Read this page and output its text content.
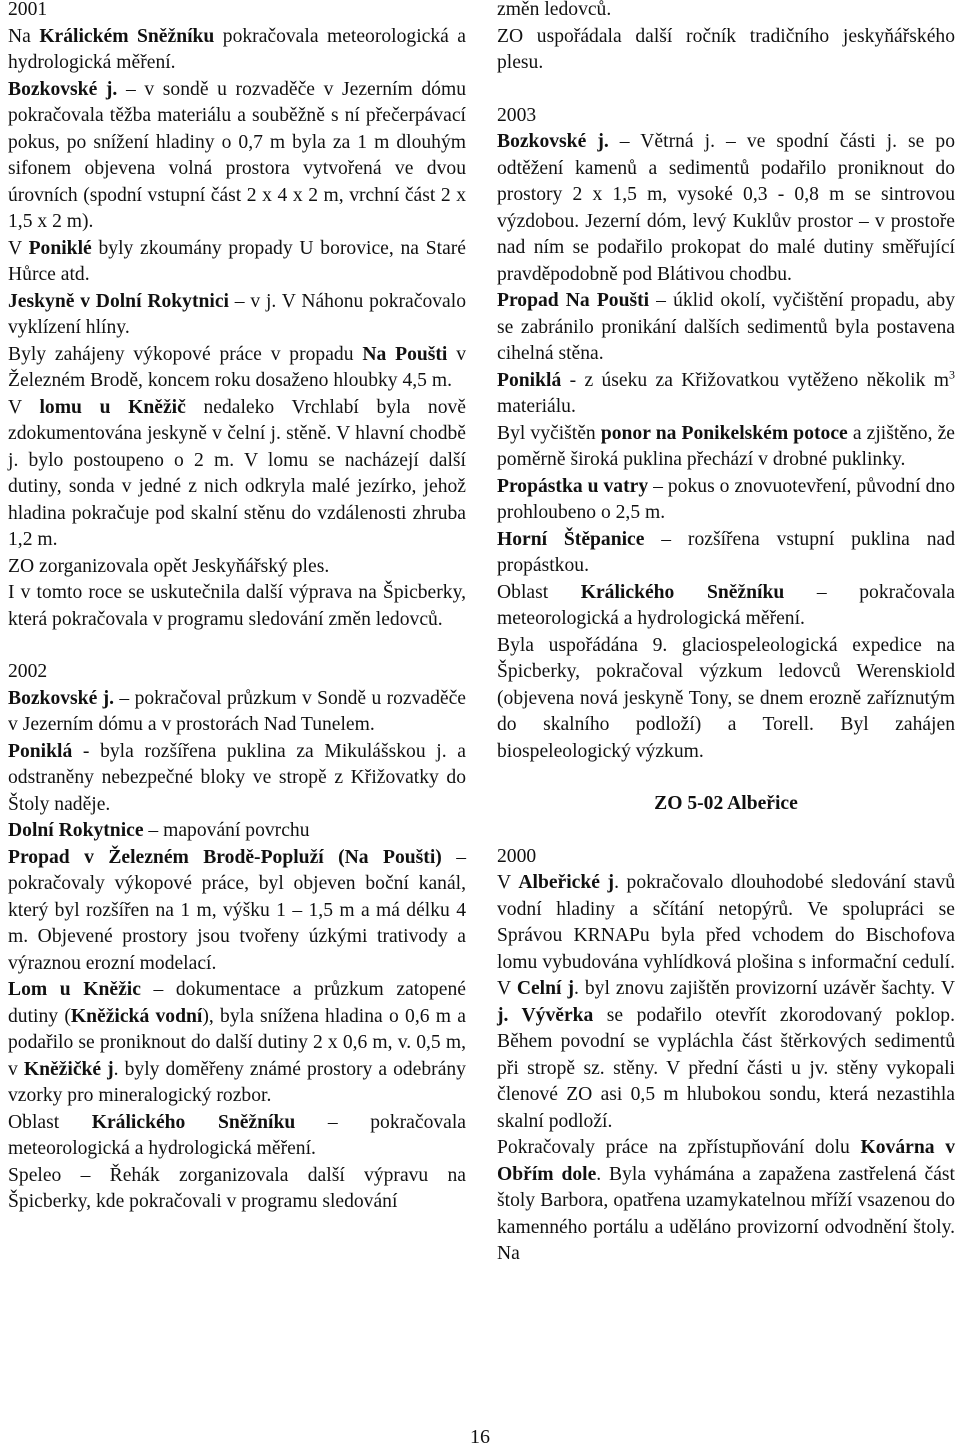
2001

Na Králickém Sněžníku pokračovala meteorologická a hydrologická měření.

Bozkovské j. – v sondě u rozvaděče v Jezerním dómu pokračovala těžba materiálu a souběžně s ní přečerpávací pokus, po snížení hladiny o 0,7 m byla za 1 m dlouhým sifonem objevena volná prostora vytvořená ve dvou úrovních (spodní vstupní část 2 x 4 x 2 m, vrchní část 2 x 1,5 x 2 m).

V Poniklé byly zkoumány propady U borovice, na Staré Hůrce atd.

Jeskyně v Dolní Rokytnici – v j. V Náhonu pokračovalo vyklízení hlíny.

Byly zahájeny výkopové práce v propadu Na Poušti v Železném Brodě, koncem roku dosaženo hloubky 4,5 m.

V lomu u Kněžič nedaleko Vrchlabí byla nově zdokumentována jeskyně v čelní j. stěně. V hlavní chodbě j. bylo postoupeno o 2 m. V lomu se nacházejí další dutiny, sonda v jedné z nich odkryla malé jezírko, jehož hladina pokračuje pod skalní stěnu do vzdálenosti zhruba 1,2 m.

ZO zorganizovala opět Jeskyňářský ples.

I v tomto roce se uskutečnila další výprava na Špicberky, která pokračovala v programu sledování změn ledovců.

2002

Bozkovské j. – pokračoval průzkum v Sondě u rozvaděče v Jezerním dómu a v prostorách Nad Tunelem.

Poniklá - byla rozšířena puklina za Mikulášskou j. a odstraněny nebezpečné bloky ve stropě z Křižovatky do Štoly naděje.

Dolní Rokytnice – mapování povrchu

Propad v Železném Brodě-Popluží (Na Poušti) – pokračovaly výkopové práce, byl objeven boční kanál, který byl rozšířen na 1 m, výšku 1 – 1,5 m a má délku 4 m. Objevené prostory jsou tvořeny úzkými trativody a výraznou erozní modelací.

Lom u Kněžic – dokumentace a průzkum zatopené dutiny (Kněžická vodní), byla snížena hladina o 0,6 m a podařilo se proniknout do další dutiny 2 x 0,6 m, v. 0,5 m, v Kněžičké j. byly doměřeny známé prostory a odebrány vzorky pro mineralogický rozbor.

Oblast Králického Sněžníku – pokračovala meteorologická a hydrologická měření.

Speleo – Řehák zorganizovala další výpravu na Špicberky, kde pokračovali v programu sledování

změn ledovců.

ZO uspořádala další ročník tradičního jeskyňářského plesu.

2003

Bozkovské j. – Větrná j. – ve spodní části j. se po odtěžení kamenů a sedimentů podařilo proniknout do prostory 2 x 1,5 m, vysoké 0,3 - 0,8 m se sintrovou výzdobou. Jezerní dóm, levý Kuklův prostor – v prostoře nad ním se podařilo prokopat do malé dutiny směřující pravděpodobně pod Blátivou chodbu.

Propad Na Poušti – úklid okolí, vyčištění propadu, aby se zabránilo pronikání dalších sedimentů byla postavena cihelná stěna.

Poniklá - z úseku za Křižovatkou vytěženo několik $m^3$ materiálu.

Byl vyčištěn ponor na Ponikelském potoce a zjištěno, že poměrně široká puklina přechází v drobné puklinky.

Propástka u vatry – pokus o znovuotevření, původní dno prohloubeno o 2,5 m.

Horní Štěpanice – rozšířena vstupní puklina nad propástkou.

Oblast Králického Sněžníku – pokračovala meteorologická a hydrologická měření.

Byla uspořádána 9. glaciospeleologická expedice na Špicberky, pokračoval výzkum ledovců Werenskiold (objevena nová jeskyně Tony, se dnem erozně zaříznutým do skalního podloží) a Torell. Byl zahájen biospeleologický výzkum.

ZO 5-02 Albeřice

2000

V Albeřické j. pokračovalo dlouhodobé sledování stavů vodní hladiny a sčítání netopýrů. Ve spolupráci se Správou KRNAPu byla před vchodem do Bischofova lomu vybudována vyhlídková plošina s informační cedulí. V Celní j. byl znovu zajištěn provizorní uzávěr šachty. V j. Vývěrka se podařilo otevřít zkorodovaný poklop. Během povodní se vypláchla část štěrkových sedimentů při stropě sz. stěny. V přední části u jv. stěny vykopali členové ZO asi 0,5 m hlubokou sondu, která nezastihla skalní podloží.

Pokračovaly práce na zpřístupňování dolu Kovárna v Obřím dole. Byla vyhámána a zapažena zastřelená část štoly Barbora, opatřena uzamykatelnou mříží vsazenou do kamenného portálu a uděláno provizorní odvodnění štoly. Na

16
